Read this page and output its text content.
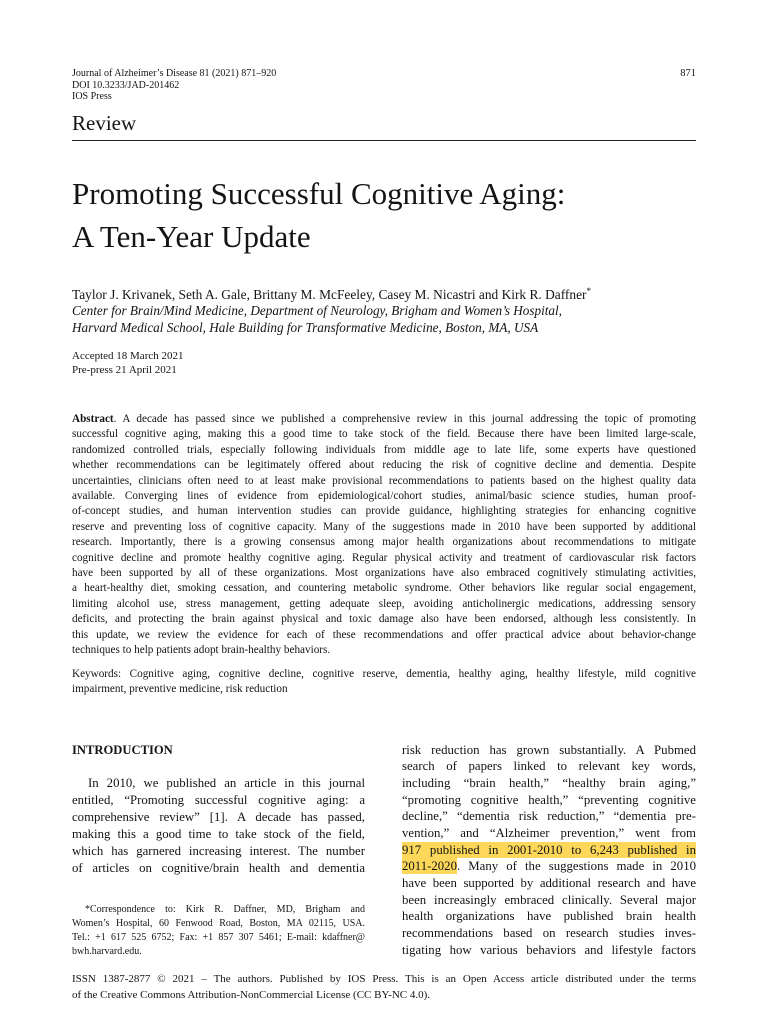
Journal of Alzheimer’s Disease 81 (2021) 871–920
DOI 10.3233/JAD-201462
IOS Press
871
Review
Promoting Successful Cognitive Aging:
A Ten-Year Update
Taylor J. Krivanek, Seth A. Gale, Brittany M. McFeeley, Casey M. Nicastri and Kirk R. Daffner*
Center for Brain/Mind Medicine, Department of Neurology, Brigham and Women’s Hospital,
Harvard Medical School, Hale Building for Transformative Medicine, Boston, MA, USA
Accepted 18 March 2021
Pre-press 21 April 2021
Abstract. A decade has passed since we published a comprehensive review in this journal addressing the topic of promoting
successful cognitive aging, making this a good time to take stock of the field. Because there have been limited large-scale,
randomized controlled trials, especially following individuals from middle age to late life, some experts have questioned
whether recommendations can be legitimately offered about reducing the risk of cognitive decline and dementia. Despite
uncertainties, clinicians often need to at least make provisional recommendations to patients based on the highest quality data
available. Converging lines of evidence from epidemiological/cohort studies, animal/basic science studies, human proof-
of-concept studies, and human intervention studies can provide guidance, highlighting strategies for enhancing cognitive
reserve and preventing loss of cognitive capacity. Many of the suggestions made in 2010 have been supported by additional
research. Importantly, there is a growing consensus among major health organizations about recommendations to mitigate
cognitive decline and promote healthy cognitive aging. Regular physical activity and treatment of cardiovascular risk factors
have been supported by all of these organizations. Most organizations have also embraced cognitively stimulating activities,
a heart-healthy diet, smoking cessation, and countering metabolic syndrome. Other behaviors like regular social engagement,
limiting alcohol use, stress management, getting adequate sleep, avoiding anticholinergic medications, addressing sensory
deficits, and protecting the brain against physical and toxic damage also have been endorsed, although less consistently. In
this update, we review the evidence for each of these recommendations and offer practical advice about behavior-change
techniques to help patients adopt brain-healthy behaviors.
Keywords: Cognitive aging, cognitive decline, cognitive reserve, dementia, healthy aging, healthy lifestyle, mild cognitive
impairment, preventive medicine, risk reduction
INTRODUCTION
In 2010, we published an article in this journal
entitled, “Promoting successful cognitive aging: a
comprehensive review” [1]. A decade has passed,
making this a good time to take stock of the field,
which has garnered increasing interest. The number
of articles on cognitive/brain health and dementia
*Correspondence to: Kirk R. Daffner, MD, Brigham and
Women’s Hospital, 60 Fenwood Road, Boston, MA 02115, USA.
Tel.: +1 617 525 6752; Fax: +1 857 307 5461; E-mail: kdaffner@
bwh.harvard.edu.
risk reduction has grown substantially. A Pubmed
search of papers linked to relevant key words,
including “brain health,” “healthy brain aging,”
“promoting cognitive health,” “preventing cognitive
decline,” “dementia risk reduction,” “dementia pre-
vention,” and “Alzheimer prevention,” went from
917 published in 2001-2010 to 6,243 published in
2011-2020. Many of the suggestions made in 2010
have been supported by additional research and have
been increasingly embraced clinically. Several major
health organizations have published brain health
recommendations based on research studies inves-
tigating how various behaviors and lifestyle factors
ISSN 1387-2877 © 2021 – The authors. Published by IOS Press. This is an Open Access article distributed under the terms
of the Creative Commons Attribution-NonCommercial License (CC BY-NC 4.0).
